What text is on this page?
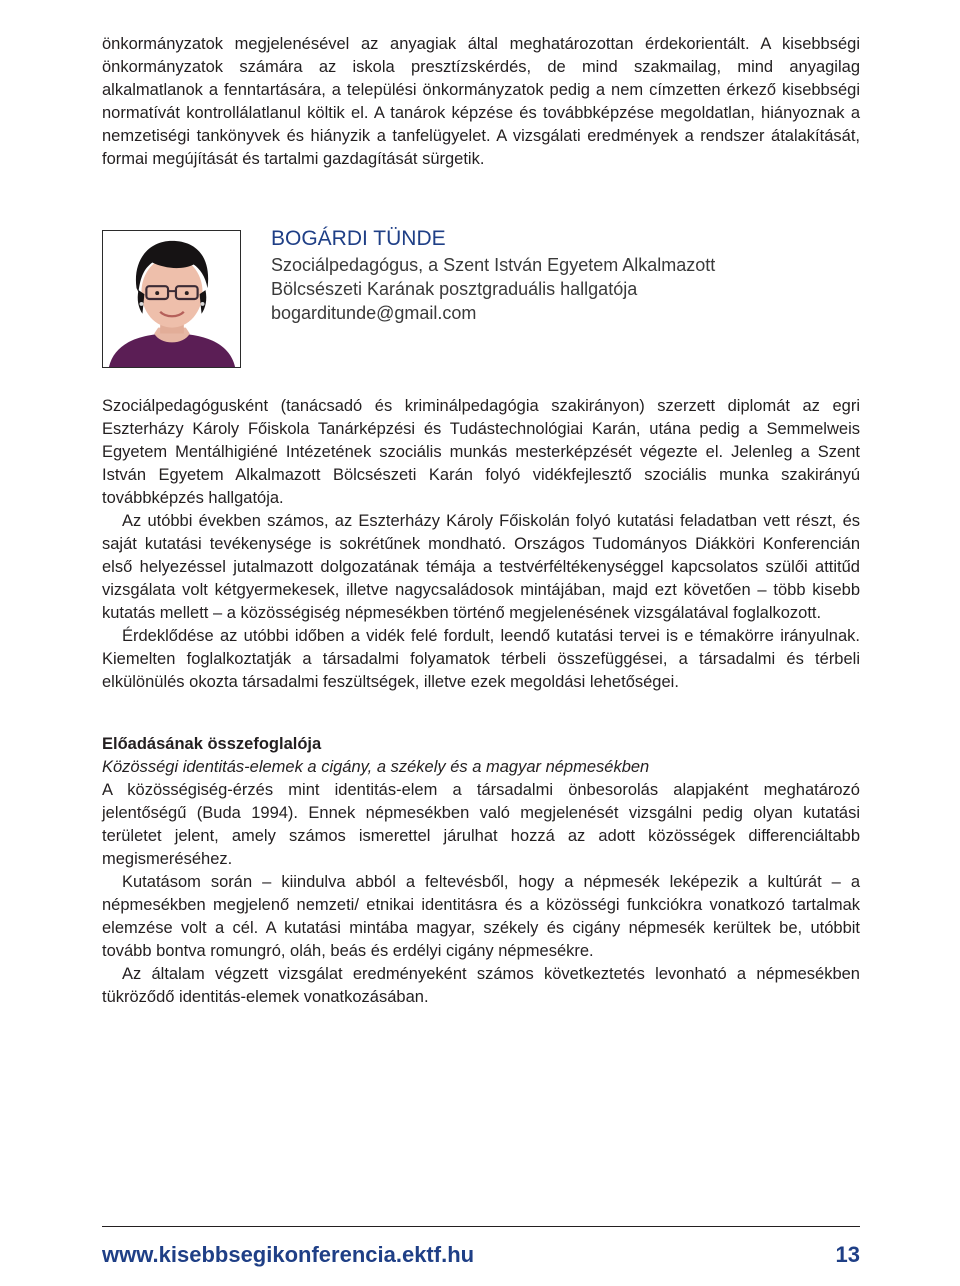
önkormányzatok megjelenésével az anyagiak által meghatározottan érdekorientált. A kisebbségi önkormányzatok számára az iskola presztízskérdés, de mind szakmailag, mind anyagilag alkalmatlanok a fenntartására, a települési önkormányzatok pedig a nem címzetten érkező kisebbségi normatívát kontrollálatlanul költik el. A tanárok képzése és továbbképzése megoldatlan, hiányoznak a nemzetiségi tankönyvek és hiányzik a tanfelügyelet. A vizsgálati eredmények a rendszer átalakítását, formai megújítását és tartalmi gazdagítását sürgetik.

BOGÁRDI TÜNDE
Szociálpedagógus, a Szent István Egyetem Alkalmazott
Bölcsészeti Karának posztgraduális hallgatója
bogarditunde@gmail.com

Szociálpedagógusként (tanácsadó és kriminálpedagógia szakirányon) szerzett diplomát az egri Eszterházy Károly Főiskola Tanárképzési és Tudástechnológiai Karán, utána pedig a Semmelweis Egyetem Mentálhigiéné Intézetének szociális munkás mesterképzését végezte el. Jelenleg a Szent István Egyetem Alkalmazott Bölcsészeti Karán folyó vidékfejlesztő szociális munka szakirányú továbbképzés hallgatója.

Az utóbbi években számos, az Eszterházy Károly Főiskolán folyó kutatási feladatban vett részt, és saját kutatási tevékenysége is sokrétűnek mondható. Országos Tudományos Diákköri Konferencián első helyezéssel jutalmazott dolgozatának témája a testvérféltékenységgel kapcsolatos szülői attitűd vizsgálata volt kétgyermekesek, illetve nagycsaládosok mintájában, majd ezt követően – több kisebb kutatás mellett – a közösségiség népmesékben történő megjelenésének vizsgálatával foglalkozott.

Érdeklődése az utóbbi időben a vidék felé fordult, leendő kutatási tervei is e témakörre irányulnak. Kiemelten foglalkoztatják a társadalmi folyamatok térbeli összefüggései, a társadalmi és térbeli elkülönülés okozta társadalmi feszültségek, illetve ezek megoldási lehetőségei.

Előadásának összefoglalója

Közösségi identitás-elemek a cigány, a székely és a magyar népmesékben

A közösségiség-érzés mint identitás-elem a társadalmi önbesorolás alapjaként meghatározó jelentőségű (Buda 1994). Ennek népmesékben való megjelenését vizsgálni pedig olyan kutatási területet jelent, amely számos ismerettel járulhat hozzá az adott közösségek differenciáltabb megismeréséhez.

Kutatásom során – kiindulva abból a feltevésből, hogy a népmesék leképezik a kultúrát – a népmesékben megjelenő nemzeti/ etnikai identitásra és a közösségi funkciókra vonatkozó tartalmak elemzése volt a cél. A kutatási mintába magyar, székely és cigány népmesék kerültek be, utóbbit tovább bontva romungró, oláh, beás és erdélyi cigány népmesékre.

Az általam végzett vizsgálat eredményeként számos következtetés levonható a népmesékben tükröződő identitás-elemek vonatkozásában.

www.kisebbsegikonferencia.ektf.hu	13
